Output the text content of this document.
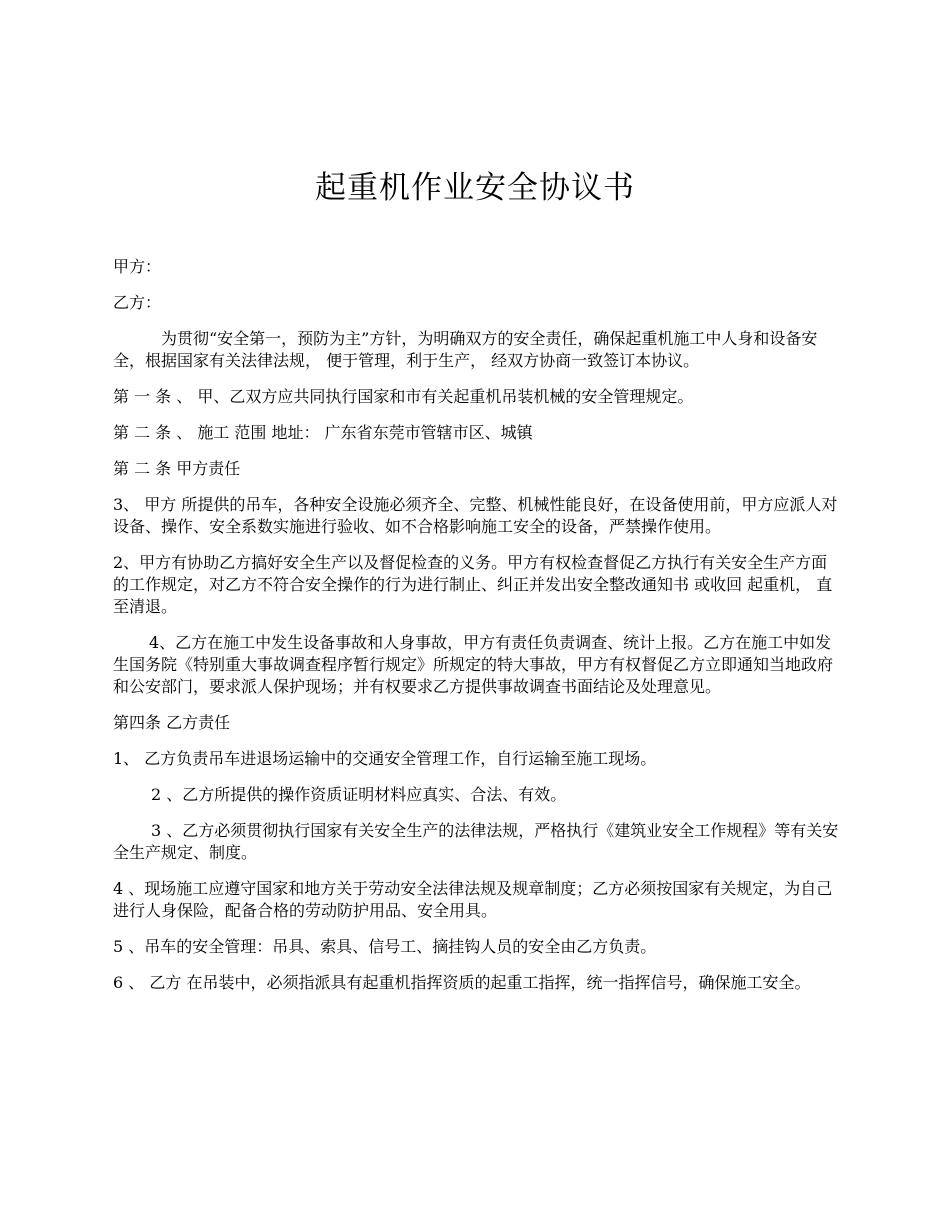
起重机作业安全协议书

甲方：

乙方：

为贯彻“安全第一，预防为主”方针，为明确双方的安全责任，确保起重机施工中人身和设备安全，根据国家有关法律法规， 便于管理，利于生产， 经双方协商一致签订本协议。

第 一 条 、 甲、乙双方应共同执行国家和市有关起重机吊装机械的安全管理规定。

第 二 条 、 施工 范围 地址： 广东省东莞市管辖市区、城镇

第 二 条 甲方责任

3、 甲方 所提供的吊车，各种安全设施必须齐全、完整、机械性能良好，在设备使用前，甲方应派人对设备、操作、安全系数实施进行验收、如不合格影响施工安全的设备，严禁操作使用。

2、甲方有协助乙方搞好安全生产以及督促检查的义务。甲方有权检查督促乙方执行有关安全生产方面的工作规定，对乙方不符合安全操作的行为进行制止、纠正并发出安全整改通知书 或收回 起重机， 直至清退。

4、乙方在施工中发生设备事故和人身事故，甲方有责任负责调查、统计上报。乙方在施工中如发生国务院《特别重大事故调查程序暂行规定》所规定的特大事故，甲方有权督促乙方立即通知当地政府和公安部门，要求派人保护现场；并有权要求乙方提供事故调查书面结论及处理意见。

第四条 乙方责任

1、 乙方负责吊车进退场运输中的交通安全管理工作，自行运输至施工现场。

2 、乙方所提供的操作资质证明材料应真实、合法、有效。

3 、乙方必须贯彻执行国家有关安全生产的法律法规，严格执行《建筑业安全工作规程》等有关安全生产规定、制度。

4 、现场施工应遵守国家和地方关于劳动安全法律法规及规章制度；乙方必须按国家有关规定，为自己进行人身保险，配备合格的劳动防护用品、安全用具。

5 、吊车的安全管理：吊具、索具、信号工、摘挂钩人员的安全由乙方负责。

6 、 乙方 在吊装中，必须指派具有起重机指挥资质的起重工指挥，统一指挥信号，确保施工安全。
